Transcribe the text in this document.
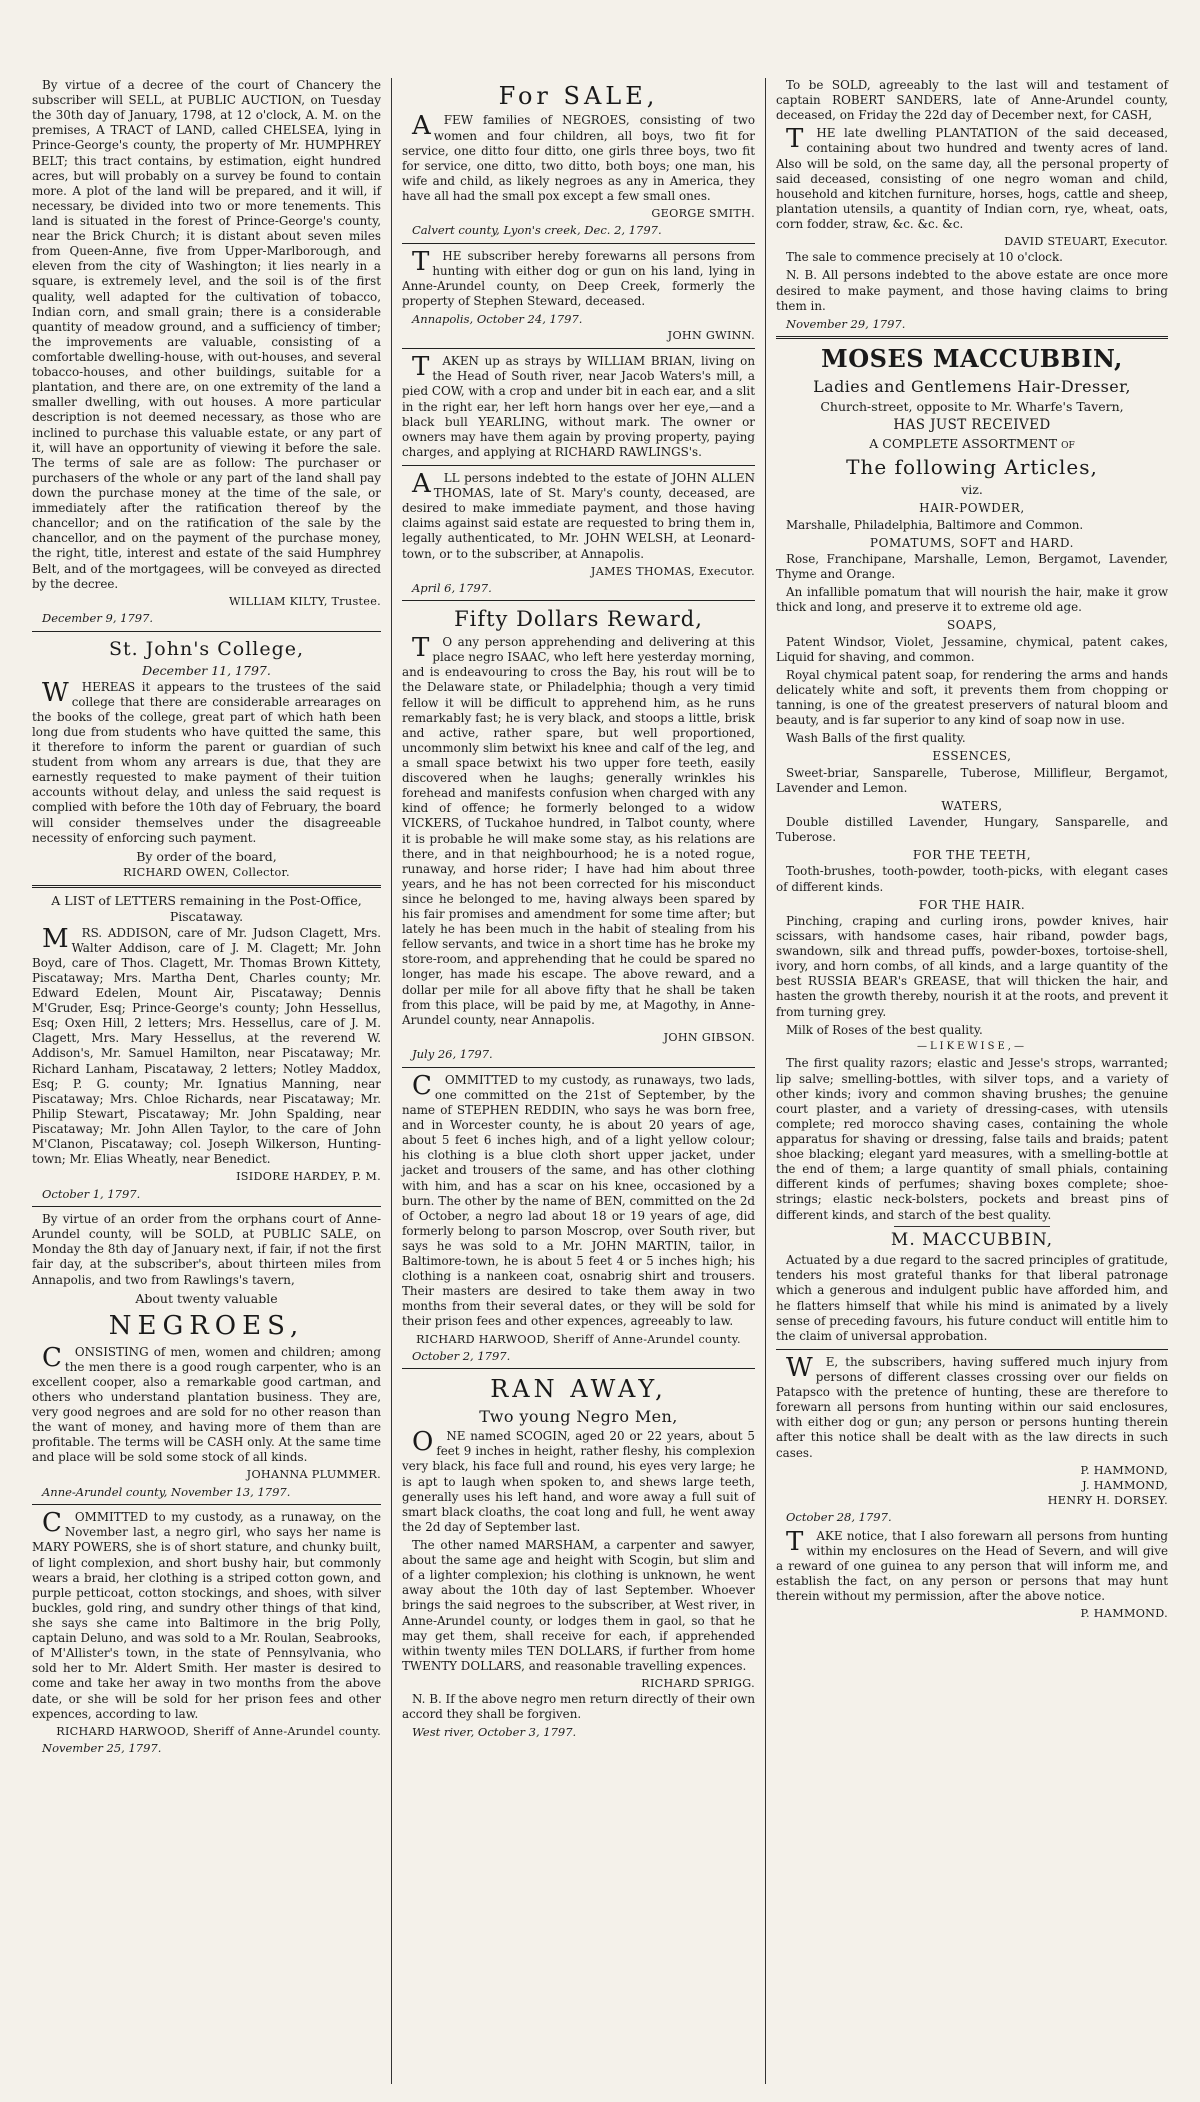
By virtue of a decree of the court of Chancery the subscriber will SELL, at PUBLIC AUCTION, on Tuesday the 30th day of January, 1798, at 12 o'clock, A. M. on the premises, A TRACT of LAND, called CHELSEA, lying in Prince-George's county, the property of Mr. HUMPHREY BELT; this tract contains, by estimation, eight hundred acres, but will probably on a survey be found to contain more. A plot of the land will be prepared, and it will, if necessary, be divided into two or more tenements. This land is situated in the forest of Prince-George's county, near the Brick Church; it is distant about seven miles from Queen-Anne, five from Upper-Marlborough, and eleven from the city of Washington; it lies nearly in a square, is extremely level, and the soil is of the first quality, well adapted for the cultivation of tobacco, Indian corn, and small grain; there is a considerable quantity of meadow ground, and a sufficiency of timber; the improvements are valuable, consisting of a comfortable dwelling-house, with out-houses, and several tobacco-houses, and other buildings, suitable for a plantation, and there are, on one extremity of the land a smaller dwelling, with out houses. A more particular description is not deemed necessary, as those who are inclined to purchase this valuable estate, or any part of it, will have an opportunity of viewing it before the sale. The terms of sale are as follow: The purchaser or purchasers of the whole or any part of the land shall pay down the purchase money at the time of the sale, or immediately after the ratification thereof by the chancellor; and on the ratification of the sale by the chancellor, and on the payment of the purchase money, the right, title, interest and estate of the said Humphrey Belt, and of the mortgagees, will be conveyed as directed by the decree.

WILLIAM KILTY, Trustee.
December 9, 1797.
St. John's College,
December 11, 1797.

WHEREAS it appears to the trustees of the said college that there are considerable arrearages on the books of the college, great part of which hath been long due from students who have quitted the same, this it therefore to inform the parent or guardian of such student from whom any arrears is due, that they are earnestly requested to make payment of their tuition accounts without delay, and unless the said request is complied with before the 10th day of February, the board will consider themselves under the disagreeable necessity of enforcing such payment.

By order of the board,
RICHARD OWEN, Collector.
A LIST of LETTERS remaining in the Post-Office, Piscataway.

MRS. ADDISON, care of Mr. Judson Clagett, Mrs. Walter Addison, care of J. M. Clagett; Mr. John Boyd, care of Thos. Clagett, Mr. Thomas Brown Kittety, Piscataway; Mrs. Martha Dent, Charles county; Mr. Edward Edelen, Mount Air, Piscataway; Dennis M'Gruder, Esq; Prince-George's county; John Hessellus, Esq; Oxen Hill, 2 letters; Mrs. Hessellus, care of J. M. Clagett, Mrs. Mary Hessellus, at the reverend W. Addison's, Mr. Samuel Hamilton, near Piscataway; Mr. Richard Lanham, Piscataway, 2 letters; Notley Maddox, Esq; P. G. county; Mr. Ignatius Manning, near Piscataway; Mrs. Chloe Richards, near Piscataway; Mr. Philip Stewart, Piscataway; Mr. John Spalding, near Piscataway; Mr. John Allen Taylor, to the care of John M'Clanon, Piscataway; col. Joseph Wilkerson, Hunting-town; Mr. Elias Wheatly, near Benedict.

ISIDORE HARDEY, P. M.
October 1, 1797.

By virtue of an order from the orphans court of Anne-Arundel county, will be SOLD, at PUBLIC SALE, on Monday the 8th day of January next, if fair, if not the first fair day, at the subscriber's, about thirteen miles from Annapolis, and two from Rawlings's tavern,

About twenty valuable
NEGROES,

CONSISTING of men, women and children; among the men there is a good rough carpenter, who is an excellent cooper, also a remarkable good cartman, and others who understand plantation business. They are, very good negroes and are sold for no other reason than the want of money, and having more of them than are profitable. The terms will be CASH only. At the same time and place will be sold some stock of all kinds.

JOHANNA PLUMMER.
Anne-Arundel county, November 13, 1797.

COMMITTED to my custody, as a runaway, on the November last, a negro girl, who says her name is MARY POWERS, she is of short stature, and chunky built, of light complexion, and short bushy hair, but commonly wears a braid, her clothing is a striped cotton gown, and purple petticoat, cotton stockings, and shoes, with silver buckles, gold ring, and sundry other things of that kind, she says she came into Baltimore in the brig Polly, captain Deluno, and was sold to a Mr. Roulan, Seabrooks, of M'Allister's town, in the state of Pennsylvania, who sold her to Mr. Aldert Smith. Her master is desired to come and take her away in two months from the above date, or she will be sold for her prison fees and other expences, according to law.

RICHARD HARWOOD, Sheriff of Anne-Arundel county.
November 25, 1797.
For SALE,

AFEW families of NEGROES, consisting of two women and four children, all boys, two fit for service, one ditto four ditto, one girls three boys, two fit for service, one ditto, two ditto, both boys; one man, his wife and child, as likely negroes as any in America, they have all had the small pox except a few small ones.

GEORGE SMITH.
Calvert county, Lyon's creek, Dec. 2, 1797.

THE subscriber hereby forewarns all persons from hunting with either dog or gun on his land, lying in Anne-Arundel county, on Deep Creek, formerly the property of Stephen Steward, deceased.

Annapolis, October 24, 1797.
JOHN GWINN.

TAKEN up as strays by WILLIAM BRIAN, living on the Head of South river, near Jacob Waters's mill, a pied COW, with a crop and under bit in each ear, and a slit in the right ear, her left horn hangs over her eye,—and a black bull YEARLING, without mark. The owner or owners may have them again by proving property, paying charges, and applying at RICHARD RAWLINGS's.

ALL persons indebted to the estate of JOHN ALLEN THOMAS, late of St. Mary's county, deceased, are desired to make immediate payment, and those having claims against said estate are requested to bring them in, legally authenticated, to Mr. JOHN WELSH, at Leonard-town, or to the subscriber, at Annapolis.

JAMES THOMAS, Executor.
April 6, 1797.
Fifty Dollars Reward,

TO any person apprehending and delivering at this place negro ISAAC, who left here yesterday morning, and is endeavouring to cross the Bay, his rout will be to the Delaware state, or Philadelphia; though a very timid fellow it will be difficult to apprehend him, as he runs remarkably fast; he is very black, and stoops a little, brisk and active, rather spare, but well proportioned, uncommonly slim betwixt his knee and calf of the leg, and a small space betwixt his two upper fore teeth, easily discovered when he laughs; generally wrinkles his forehead and manifests confusion when charged with any kind of offence; he formerly belonged to a widow VICKERS, of Tuckahoe hundred, in Talbot county, where it is probable he will make some stay, as his relations are there, and in that neighbourhood; he is a noted rogue, runaway, and horse rider; I have had him about three years, and he has not been corrected for his misconduct since he belonged to me, having always been spared by his fair promises and amendment for some time after; but lately he has been much in the habit of stealing from his fellow servants, and twice in a short time has he broke my store-room, and apprehending that he could be spared no longer, has made his escape. The above reward, and a dollar per mile for all above fifty that he shall be taken from this place, will be paid by me, at Magothy, in Anne-Arundel county, near Annapolis.

JOHN GIBSON.
July 26, 1797.

COMMITTED to my custody, as runaways, two lads, one committed on the 21st of September, by the name of STEPHEN REDDIN, who says he was born free, and in Worcester county, he is about 20 years of age, about 5 feet 6 inches high, and of a light yellow colour; his clothing is a blue cloth short upper jacket, under jacket and trousers of the same, and has other clothing with him, and has a scar on his knee, occasioned by a burn. The other by the name of BEN, committed on the 2d of October, a negro lad about 18 or 19 years of age, did formerly belong to parson Moscrop, over South river, but says he was sold to a Mr. JOHN MARTIN, tailor, in Baltimore-town, he is about 5 feet 4 or 5 inches high; his clothing is a nankeen coat, osnabrig shirt and trousers. Their masters are desired to take them away in two months from their several dates, or they will be sold for their prison fees and other expences, agreeably to law.

RICHARD HARWOOD, Sheriff of Anne-Arundel county.
October 2, 1797.
RAN AWAY,
Two young Negro Men,

ONE named SCOGIN, aged 20 or 22 years, about 5 feet 9 inches in height, rather fleshy, his complexion very black, his face full and round, his eyes very large; he is apt to laugh when spoken to, and shews large teeth, generally uses his left hand, and wore away a full suit of smart black cloaths, the coat long and full, he went away the 2d day of September last.

The other named MARSHAM, a carpenter and sawyer, about the same age and height with Scogin, but slim and of a lighter complexion; his clothing is unknown, he went away about the 10th day of last September. Whoever brings the said negroes to the subscriber, at West river, in Anne-Arundel county, or lodges them in gaol, so that he may get them, shall receive for each, if apprehended within twenty miles TEN DOLLARS, if further from home TWENTY DOLLARS, and reasonable travelling expences.

RICHARD SPRIGG.

N. B. If the above negro men return directly of their own accord they shall be forgiven.

West river, October 3, 1797.

To be SOLD, agreeably to the last will and testament of captain ROBERT SANDERS, late of Anne-Arundel county, deceased, on Friday the 22d day of December next, for CASH,

THE late dwelling PLANTATION of the said deceased, containing about two hundred and twenty acres of land. Also will be sold, on the same day, all the personal property of said deceased, consisting of one negro woman and child, household and kitchen furniture, horses, hogs, cattle and sheep, plantation utensils, a quantity of Indian corn, rye, wheat, oats, corn fodder, straw, &c. &c. &c.

DAVID STEUART, Executor.

The sale to commence precisely at 10 o'clock.

N. B. All persons indebted to the above estate are once more desired to make payment, and those having claims to bring them in.

November 29, 1797.
MOSES MACCUBBIN,
Ladies and Gentlemens Hair-Dresser,
Church-street, opposite to Mr. Wharfe's Tavern,
HAS JUST RECEIVED
A COMPLETE ASSORTMENT of
The following Articles,
viz.
HAIR-POWDER,

Marshalle, Philadelphia, Baltimore and Common.

POMATUMS, SOFT and HARD.

Rose, Franchipane, Marshalle, Lemon, Bergamot, Lavender, Thyme and Orange.

An infallible pomatum that will nourish the hair, make it grow thick and long, and preserve it to extreme old age.

SOAPS,

Patent Windsor, Violet, Jessamine, chymical, patent cakes, Liquid for shaving, and common.

Royal chymical patent soap, for rendering the arms and hands delicately white and soft, it prevents them from chopping or tanning, is one of the greatest preservers of natural bloom and beauty, and is far superior to any kind of soap now in use.

Wash Balls of the first quality.

ESSENCES,

Sweet-briar, Sansparelle, Tuberose, Millifleur, Bergamot, Lavender and Lemon.

WATERS,

Double distilled Lavender, Hungary, Sansparelle, and Tuberose.

FOR THE TEETH,

Tooth-brushes, tooth-powder, tooth-picks, with elegant cases of different kinds.

FOR THE HAIR.

Pinching, craping and curling irons, powder knives, hair scissars, with handsome cases, hair riband, powder bags, swandown, silk and thread puffs, powder-boxes, tortoise-shell, ivory, and horn combs, of all kinds, and a large quantity of the best RUSSIA BEAR's GREASE, that will thicken the hair, and hasten the growth thereby, nourish it at the roots, and prevent it from turning grey.

Milk of Roses of the best quality.

—LIKEWISE,—

The first quality razors; elastic and Jesse's strops, warranted; lip salve; smelling-bottles, with silver tops, and a variety of other kinds; ivory and common shaving brushes; the genuine court plaster, and a variety of dressing-cases, with utensils complete; red morocco shaving cases, containing the whole apparatus for shaving or dressing, false tails and braids; patent shoe blacking; elegant yard measures, with a smelling-bottle at the end of them; a large quantity of small phials, containing different kinds of perfumes; shaving boxes complete; shoe-strings; elastic neck-bolsters, pockets and breast pins of different kinds, and starch of the best quality.

M. MACCUBBIN,

Actuated by a due regard to the sacred principles of gratitude, tenders his most grateful thanks for that liberal patronage which a generous and indulgent public have afforded him, and he flatters himself that while his mind is animated by a lively sense of preceding favours, his future conduct will entitle him to the claim of universal approbation.

WE, the subscribers, having suffered much injury from persons of different classes crossing over our fields on Patapsco with the pretence of hunting, these are therefore to forewarn all persons from hunting within our said enclosures, with either dog or gun; any person or persons hunting therein after this notice shall be dealt with as the law directs in such cases.

P. HAMMOND,
J. HAMMOND,
HENRY H. DORSEY.
October 28, 1797.

TAKE notice, that I also forewarn all persons from hunting within my enclosures on the Head of Severn, and will give a reward of one guinea to any person that will inform me, and establish the fact, on any person or persons that may hunt therein without my permission, after the above notice.

P. HAMMOND.
